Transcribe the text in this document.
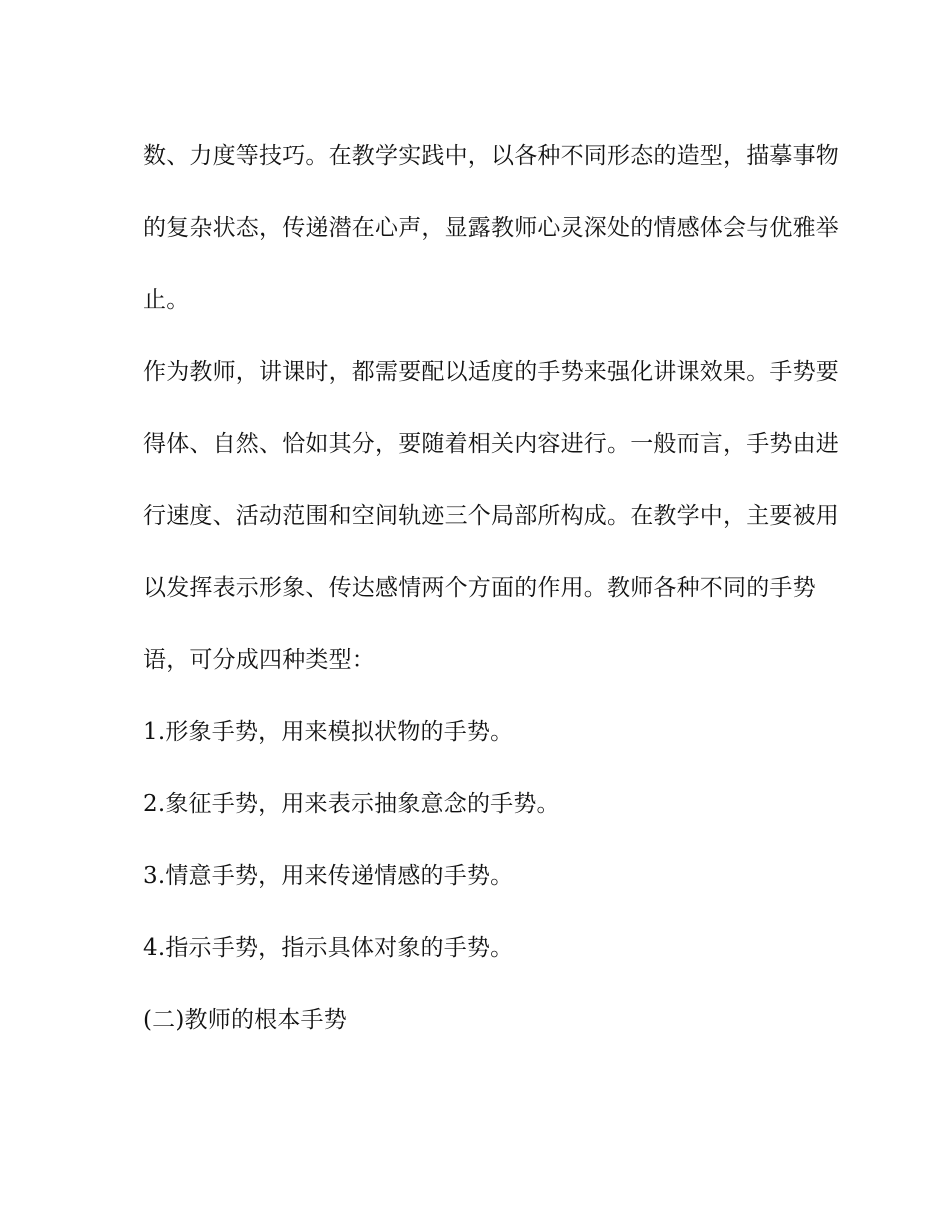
数、力度等技巧。在教学实践中，以各种不同形态的造型，描摹事物
的复杂状态，传递潜在心声，显露教师心灵深处的情感体会与优雅举
止。
作为教师，讲课时，都需要配以适度的手势来强化讲课效果。手势要
得体、自然、恰如其分，要随着相关内容进行。一般而言，手势由进
行速度、活动范围和空间轨迹三个局部所构成。在教学中，主要被用
以发挥表示形象、传达感情两个方面的作用。教师各种不同的手势
语，可分成四种类型：
1.形象手势，用来模拟状物的手势。
2.象征手势，用来表示抽象意念的手势。
3.情意手势，用来传递情感的手势。
4.指示手势，指示具体对象的手势。
(二)教师的根本手势
